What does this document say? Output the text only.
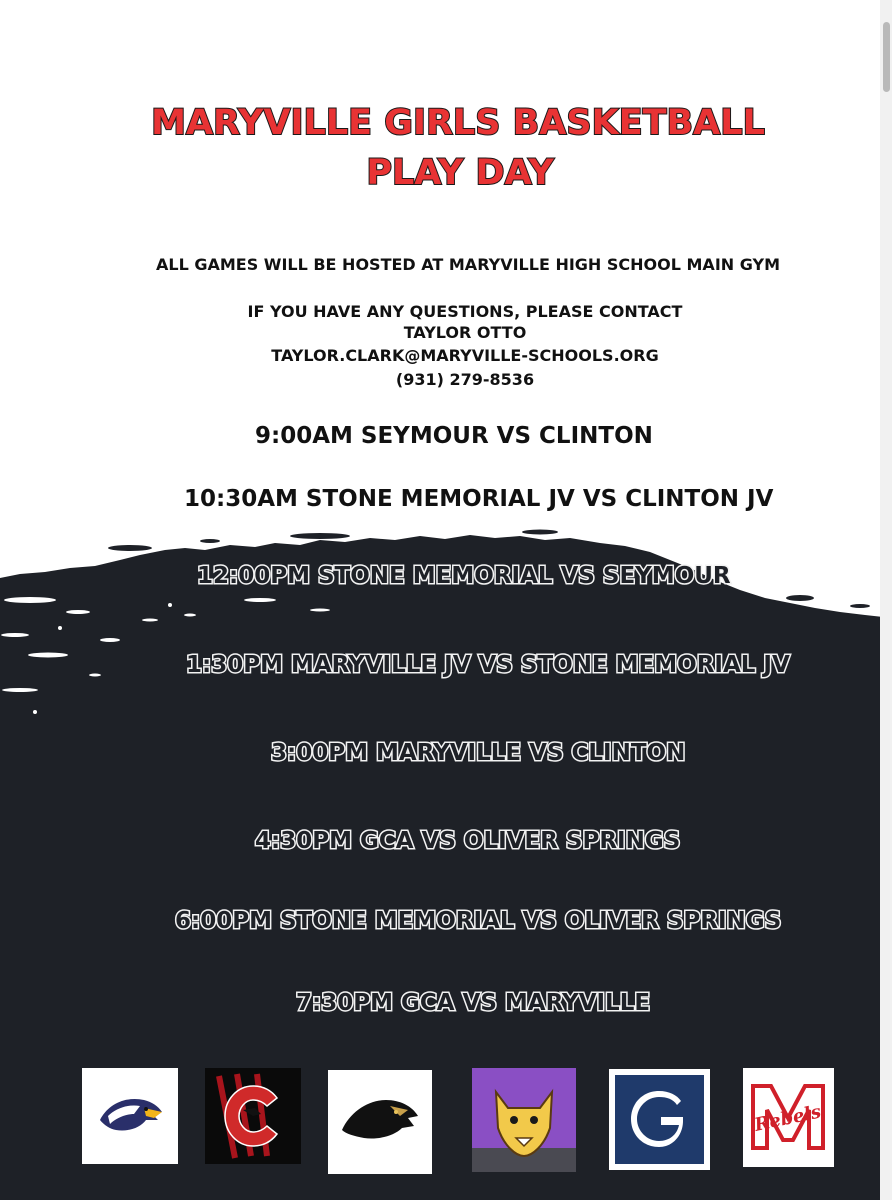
MARYVILLE GIRLS BASKETBALL
PLAY DAY
ALL GAMES WILL BE HOSTED AT MARYVILLE HIGH SCHOOL MAIN GYM
IF YOU HAVE ANY QUESTIONS, PLEASE CONTACT
TAYLOR OTTO
TAYLOR.CLARK@MARYVILLE-SCHOOLS.ORG
(931) 279-8536
9:00AM SEYMOUR VS CLINTON
10:30AM STONE MEMORIAL JV VS CLINTON JV
12:00PM STONE MEMORIAL VS SEYMOUR
1:30PM MARYVILLE JV VS STONE MEMORIAL JV
3:00PM MARYVILLE VS CLINTON
4:30PM GCA VS OLIVER SPRINGS
6:00PM STONE MEMORIAL VS OLIVER SPRINGS
7:30PM GCA VS MARYVILLE
Rebels
